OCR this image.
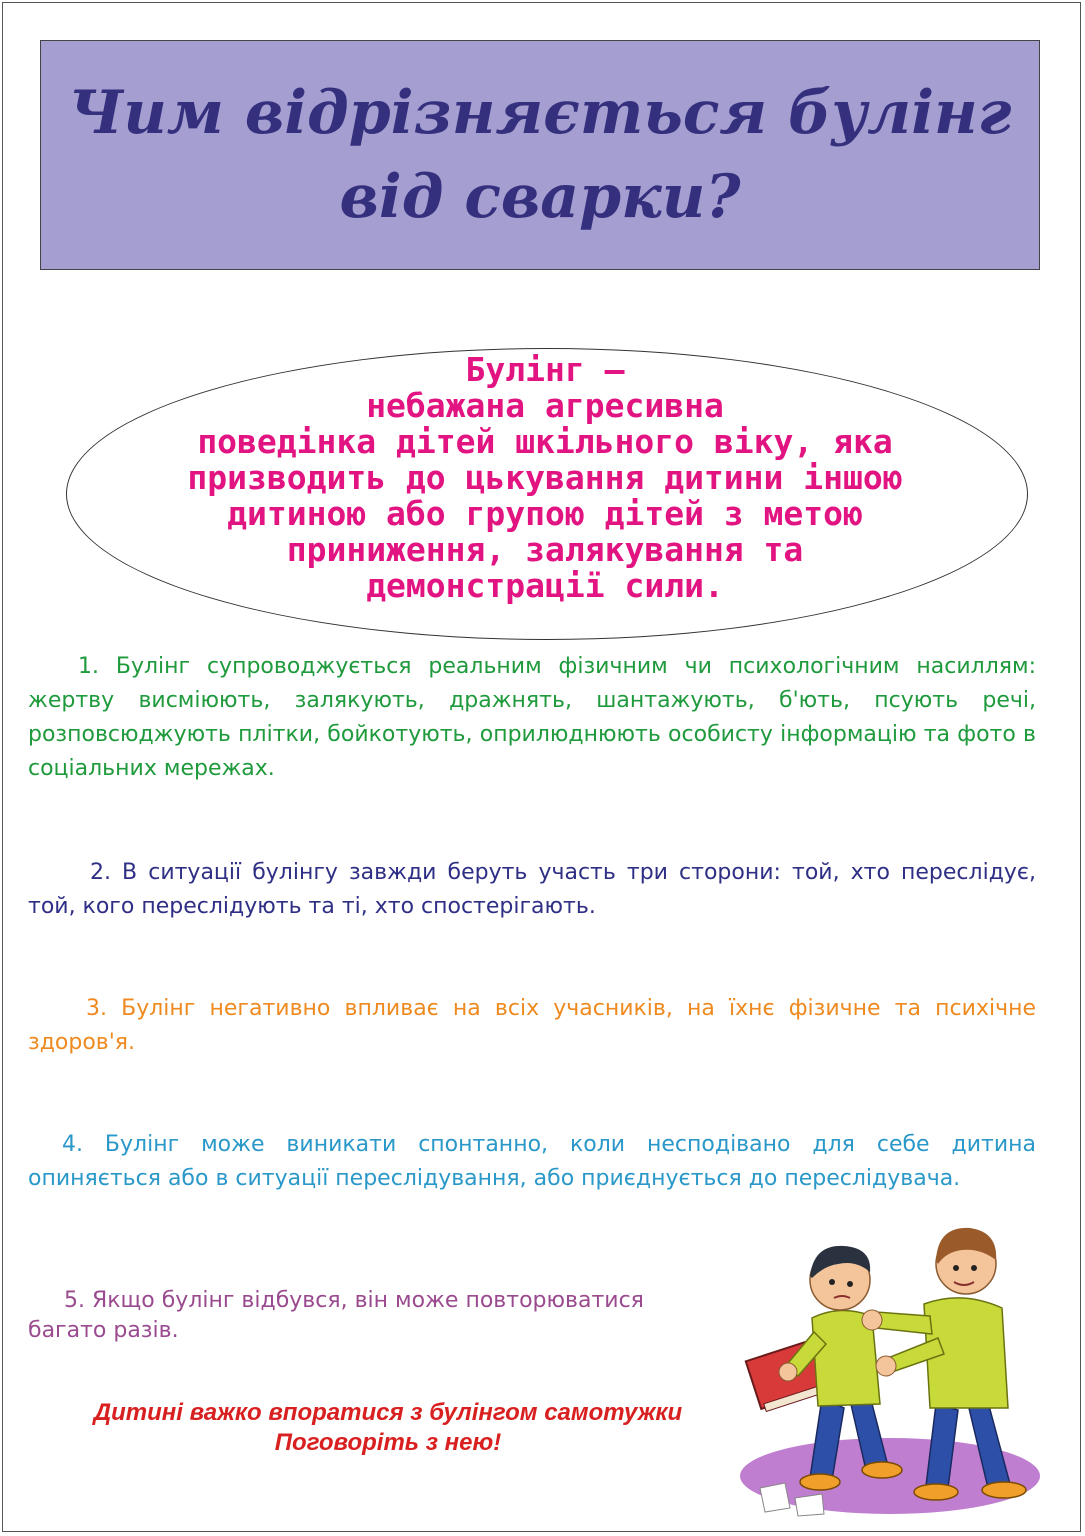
Чим відрізняється булінг
від сварки?
Булінг –
небажана агресивна
поведінка дітей шкільного віку, яка
призводить до цькування дитини іншою
дитиною або групою дітей з метою
приниження, залякування та
демонстрації сили.
1. Булінг супроводжується реальним фізичним чи психологічним насиллям: жертву висміюють, залякують, дражнять, шантажують, б'ють, псують речі, розповсюджують плітки, бойкотують, оприлюднюють особисту інформацію та фото в соціальних мережах.
2. В ситуації булінгу завжди беруть участь три сторони: той, хто переслідує, той, кого переслідують та ті, хто спостерігають.
3. Булінг негативно впливає на всіх учасників, на їхнє фізичне та психічне здоров'я.
4. Булінг може виникати спонтанно, коли несподівано для себе дитина опиняється або в ситуації переслідування, або приєднується до переслідувача.
5. Якщо булінг відбувся, він може повторюватися
багато разів.
Дитині важко впоратися з булінгом самотужки
Поговоріть з нею!
